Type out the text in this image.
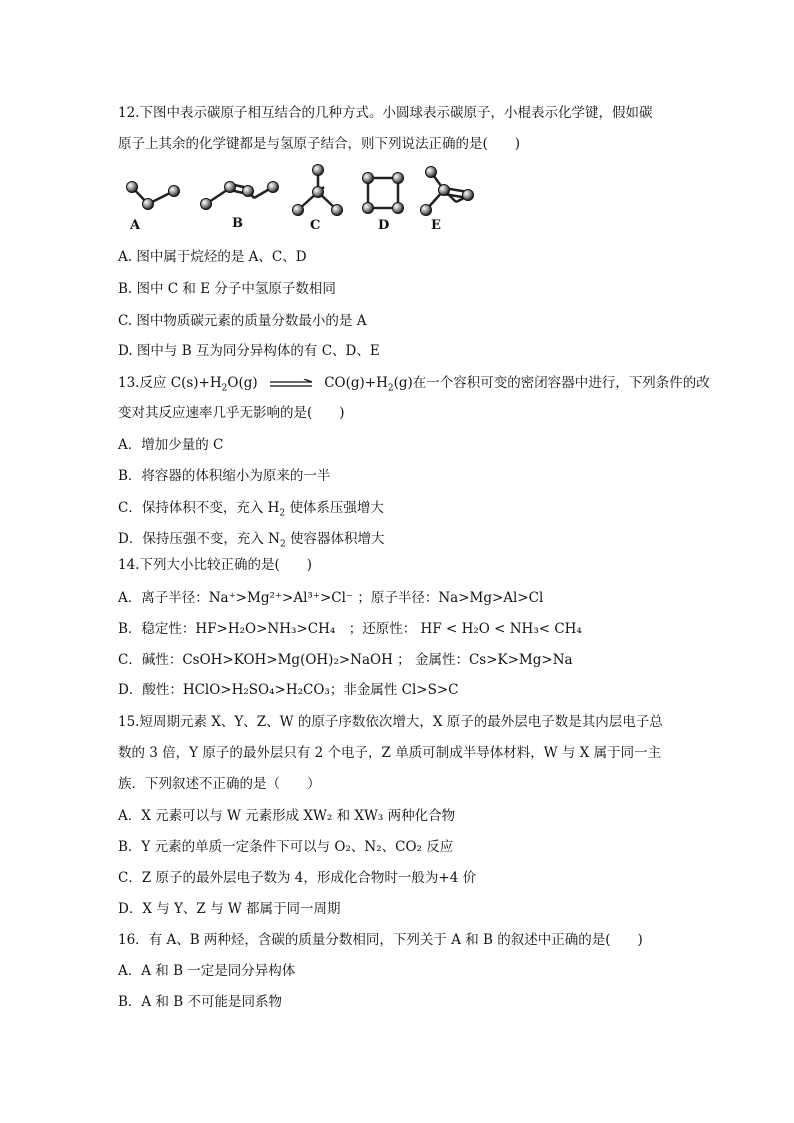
12.下图中表示碳原子相互结合的几种方式。小圆球表示碳原子，小棍表示化学键，假如碳
原子上其余的化学键都是与氢原子结合，则下列说法正确的是(　　)
A	B	C	D	E
A. 图中属于烷烃的是 A、C、D
B. 图中 C 和 E 分子中氢原子数相同
C. 图中物质碳元素的质量分数最小的是 A
D. 图中与 B 互为同分异构体的有 C、D、E
13.反应 $C(s)+H_2O(g)$	$CO(g)+H_2(g)$在一个容积可变的密闭容器中进行，下列条件的改
变对其反应速率几乎无影响的是(　　)
A．增加少量的 C
B．将容器的体积缩小为原来的一半
C．保持体积不变，充入 $H_2$ 使体系压强增大
D．保持压强不变，充入 $N_2$ 使容器体积增大
14.下列大小比较正确的是(　　)
A．离子半径：Na⁺>Mg²⁺>Al³⁺>Cl⁻ ；原子半径：Na>Mg>Al>Cl
B．稳定性：HF>H₂O>NH₃>CH₄　；还原性： HF < H₂O < NH₃< CH₄
C．碱性：CsOH>KOH>Mg(OH)₂>NaOH ； 金属性：Cs>K>Mg>Na
D．酸性：HClO>H₂SO₄>H₂CO₃；非金属性 Cl>S>C
15.短周期元素 X、Y、Z、W 的原子序数依次增大，X 原子的最外层电子数是其内层电子总
数的 3 倍，Y 原子的最外层只有 2 个电子，Z 单质可制成半导体材料，W 与 X 属于同一主
族．下列叙述不正确的是（　　）
A．X 元素可以与 W 元素形成 XW₂ 和 XW₃ 两种化合物
B．Y 元素的单质一定条件下可以与 O₂、N₂、CO₂ 反应
C．Z 原子的最外层电子数为 4，形成化合物时一般为+4 价
D．X 与 Y、Z 与 W 都属于同一周期
16．有 A、B 两种烃，含碳的质量分数相同，下列关于 A 和 B 的叙述中正确的是(　　)
A．A 和 B 一定是同分异构体
B．A 和 B 不可能是同系物
